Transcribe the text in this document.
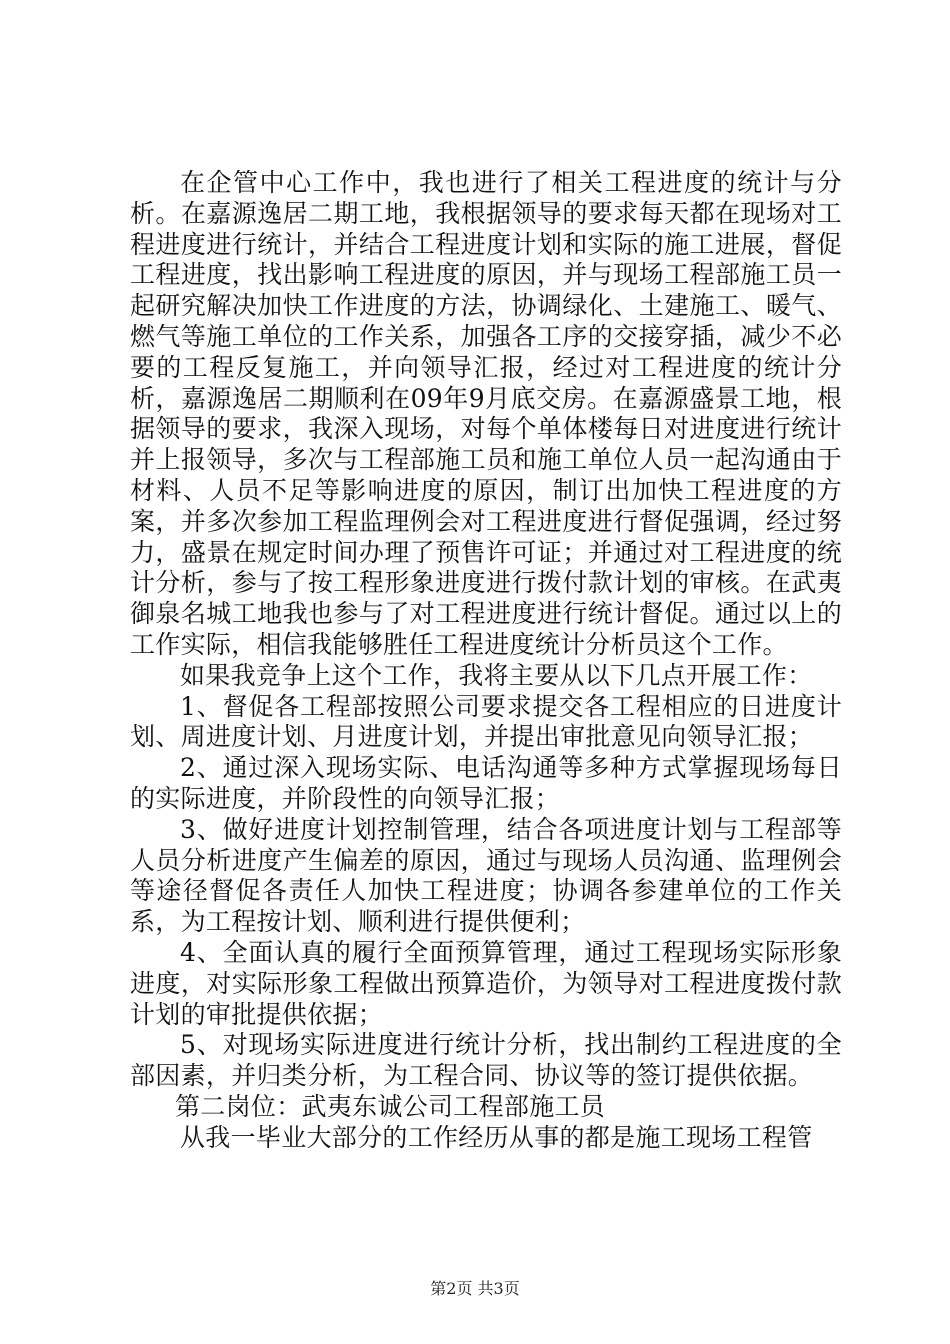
在企管中心工作中，我也进行了相关工程进度的统计与分析。在嘉源逸居二期工地，我根据领导的要求每天都在现场对工程进度进行统计，并结合工程进度计划和实际的施工进展，督促工程进度，找出影响工程进度的原因，并与现场工程部施工员一起研究解决加快工作进度的方法，协调绿化、土建施工、暖气、燃气等施工单位的工作关系，加强各工序的交接穿插，减少不必要的工程反复施工，并向领导汇报，经过对工程进度的统计分析，嘉源逸居二期顺利在09年9月底交房。在嘉源盛景工地，根据领导的要求，我深入现场，对每个单体楼每日对进度进行统计并上报领导，多次与工程部施工员和施工单位人员一起沟通由于材料、人员不足等影响进度的原因，制订出加快工程进度的方案，并多次参加工程监理例会对工程进度进行督促强调，经过努力，盛景在规定时间办理了预售许可证；并通过对工程进度的统计分析，参与了按工程形象进度进行拨付款计划的审核。在武夷御泉名城工地我也参与了对工程进度进行统计督促。通过以上的工作实际，相信我能够胜任工程进度统计分析员这个工作。

如果我竞争上这个工作，我将主要从以下几点开展工作：

1、督促各工程部按照公司要求提交各工程相应的日进度计划、周进度计划、月进度计划，并提出审批意见向领导汇报；

2、通过深入现场实际、电话沟通等多种方式掌握现场每日的实际进度，并阶段性的向领导汇报；

3、做好进度计划控制管理，结合各项进度计划与工程部等人员分析进度产生偏差的原因，通过与现场人员沟通、监理例会等途径督促各责任人加快工程进度；协调各参建单位的工作关系，为工程按计划、顺利进行提供便利；

4、全面认真的履行全面预算管理，通过工程现场实际形象进度，对实际形象工程做出预算造价，为领导对工程进度拨付款计划的审批提供依据；

5、对现场实际进度进行统计分析，找出制约工程进度的全部因素，并归类分析，为工程合同、协议等的签订提供依据。

第二岗位：武夷东诚公司工程部施工员

从我一毕业大部分的工作经历从事的都是施工现场工程管

第2页 共3页
